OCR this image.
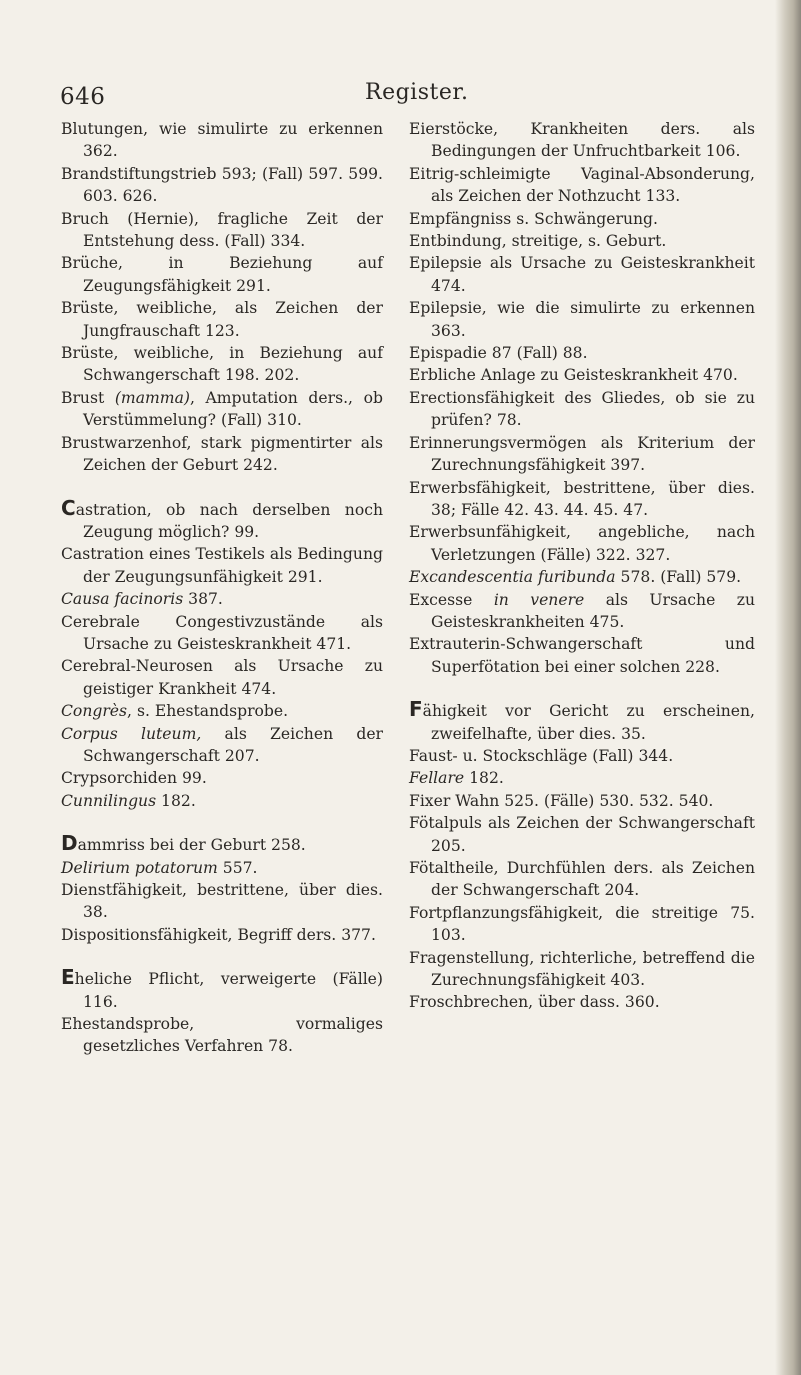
646	Register.

Blutungen, wie simulirte zu erkennen 362.

Brandstiftungstrieb 593; (Fall) 597. 599. 603. 626.

Bruch (Hernie), fragliche Zeit der Entstehung dess. (Fall) 334.

Brüche, in Beziehung auf Zeugungsfähigkeit 291.

Brüste, weibliche, als Zeichen der Jungfrauschaft 123.

Brüste, weibliche, in Beziehung auf Schwangerschaft 198. 202.

Brust (mamma), Amputation ders., ob Verstümmelung? (Fall) 310.

Brustwarzenhof, stark pigmentirter als Zeichen der Geburt 242.

Castration, ob nach derselben noch Zeugung möglich? 99.

Castration eines Testikels als Bedingung der Zeugungsunfähigkeit 291.

Causa facinoris 387.

Cerebrale Congestivzustände als Ursache zu Geisteskrankheit 471.

Cerebral-Neurosen als Ursache zu geistiger Krankheit 474.

Congrès, s. Ehestandsprobe.

Corpus luteum, als Zeichen der Schwangerschaft 207.

Crypsorchiden 99.

Cunnilingus 182.

Dammriss bei der Geburt 258.

Delirium potatorum 557.

Dienstfähigkeit, bestrittene, über dies. 38.

Dispositionsfähigkeit, Begriff ders. 377.

Eheliche Pflicht, verweigerte (Fälle) 116.

Ehestandsprobe, vormaliges gesetzliches Verfahren 78.

Eierstöcke, Krankheiten ders. als Bedingungen der Unfruchtbarkeit 106.

Eitrig-schleimigte Vaginal-Absonderung, als Zeichen der Nothzucht 133.

Empfängniss s. Schwängerung.

Entbindung, streitige, s. Geburt.

Epilepsie als Ursache zu Geisteskrankheit 474.

Epilepsie, wie die simulirte zu erkennen 363.

Epispadie 87 (Fall) 88.

Erbliche Anlage zu Geisteskrankheit 470.

Erectionsfähigkeit des Gliedes, ob sie zu prüfen? 78.

Erinnerungsvermögen als Kriterium der Zurechnungsfähigkeit 397.

Erwerbsfähigkeit, bestrittene, über dies. 38; Fälle 42. 43. 44. 45. 47.

Erwerbsunfähigkeit, angebliche, nach Verletzungen (Fälle) 322. 327.

Excandescentia furibunda 578. (Fall) 579.

Excesse in venere als Ursache zu Geisteskrankheiten 475.

Extrauterin-Schwangerschaft und Superfötation bei einer solchen 228.

Fähigkeit vor Gericht zu erscheinen, zweifelhafte, über dies. 35.

Faust- u. Stockschläge (Fall) 344.

Fellare 182.

Fixer Wahn 525. (Fälle) 530. 532. 540.

Fötalpuls als Zeichen der Schwangerschaft 205.

Fötaltheile, Durchfühlen ders. als Zeichen der Schwangerschaft 204.

Fortpflanzungsfähigkeit, die streitige 75. 103.

Fragenstellung, richterliche, betreffend die Zurechnungsfähigkeit 403.

Froschbrechen, über dass. 360.
